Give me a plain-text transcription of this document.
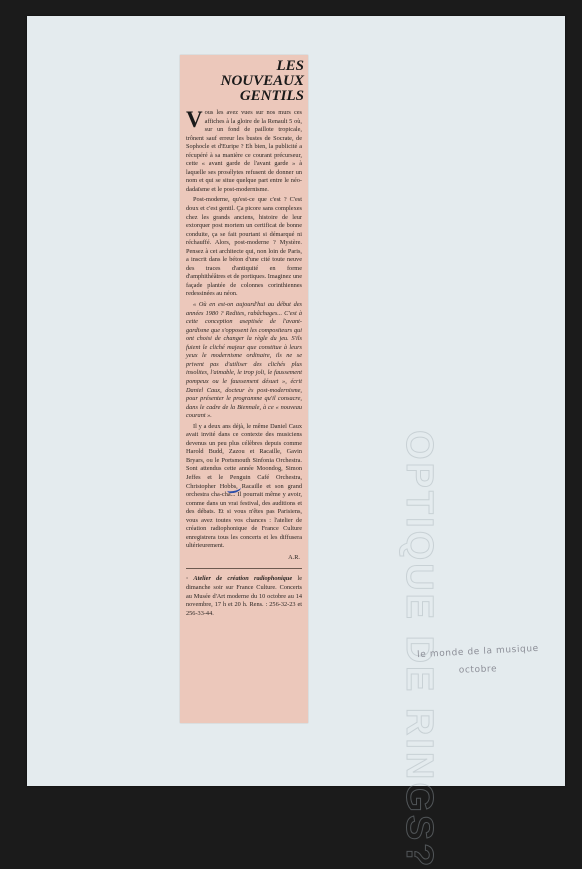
LES
NOUVEAUX
GENTILS

Vous les avez vues sur nos murs ces affiches à la gloire de la Renault 5 où, sur un fond de paillote tropicale, trônent sauf erreur les bustes de Socrate, de Sophocle et d'Euripe ? Eh bien, la publicité a récupéré à sa manière ce courant précurseur, cette « avant garde de l'avant garde » à laquelle ses prosélytes refusent de donner un nom et qui se situe quelque part entre le néo-dadaïsme et le post-modernisme.

Post-moderne, qu'est-ce que c'est ? C'est doux et c'est gentil. Ça picore sans complexes chez les grands anciens, histoire de leur extorquer post mortem un certificat de bonne conduite, ça se fait pourtant si démarqué ni réchauffé. Alors, post-moderne ? Mystère. Pensez à cet architecte qui, non loin de Paris, a inscrit dans le béton d'une cité toute neuve des traces d'antiquité en forme d'amphithéâtres et de portiques. Imaginez une façade plantée de colonnes corinthiennes redessinées au néon.

« Où en est-on aujourd'hui au début des années 1980 ? Redites, rabâchages... C'est à cette conception aseptisée de l'avant-gardisme que s'opposent les compositeurs qui ont choisi de changer la règle du jeu. S'ils fuient le cliché majeur que constitue à leurs yeux le modernisme ordinaire, ils ne se privent pas d'utiliser des clichés plus insolites, l'aimable, le trop joli, le faussement pompeux ou le faussement désuet », écrit Daniel Caux, docteur ès post-modernisme, pour présenter le programme qu'il consacre, dans le cadre de la Biennale, à ce « nouveau courant ».

Il y a deux ans déjà, le même Daniel Caux avait invité dans ce contexte des musiciens devenus un peu plus célèbres depuis comme Harold Budd, Zazou et Racaille, Gavin Bryars, ou le Portsmouth Sinfonia Orchestra. Sont attendus cette année Moondog, Simon Jeffes et le Penguin Café Orchestra, Christopher Hobbs, Racaille et son grand orchestra cha-cha... Il pourrait même y avoir, comme dans un vrai festival, des auditions et des débats. Et si vous n'êtes pas Parisiens, vous avez toutes vos chances : l'atelier de création radiophonique de France Culture enregistrera tous les concerts et les diffusera ultérieurement.

A.R.
· Atelier de création radiophonique le dimanche soir sur France Culture. Concerts au Musée d'Art moderne du 10 octobre au 14 novembre, 17 h et 20 h. Rens. : 256-32-23 et 256-33-44.	OPTIQUE DE RINGS?
le monde de la musique
octobre
